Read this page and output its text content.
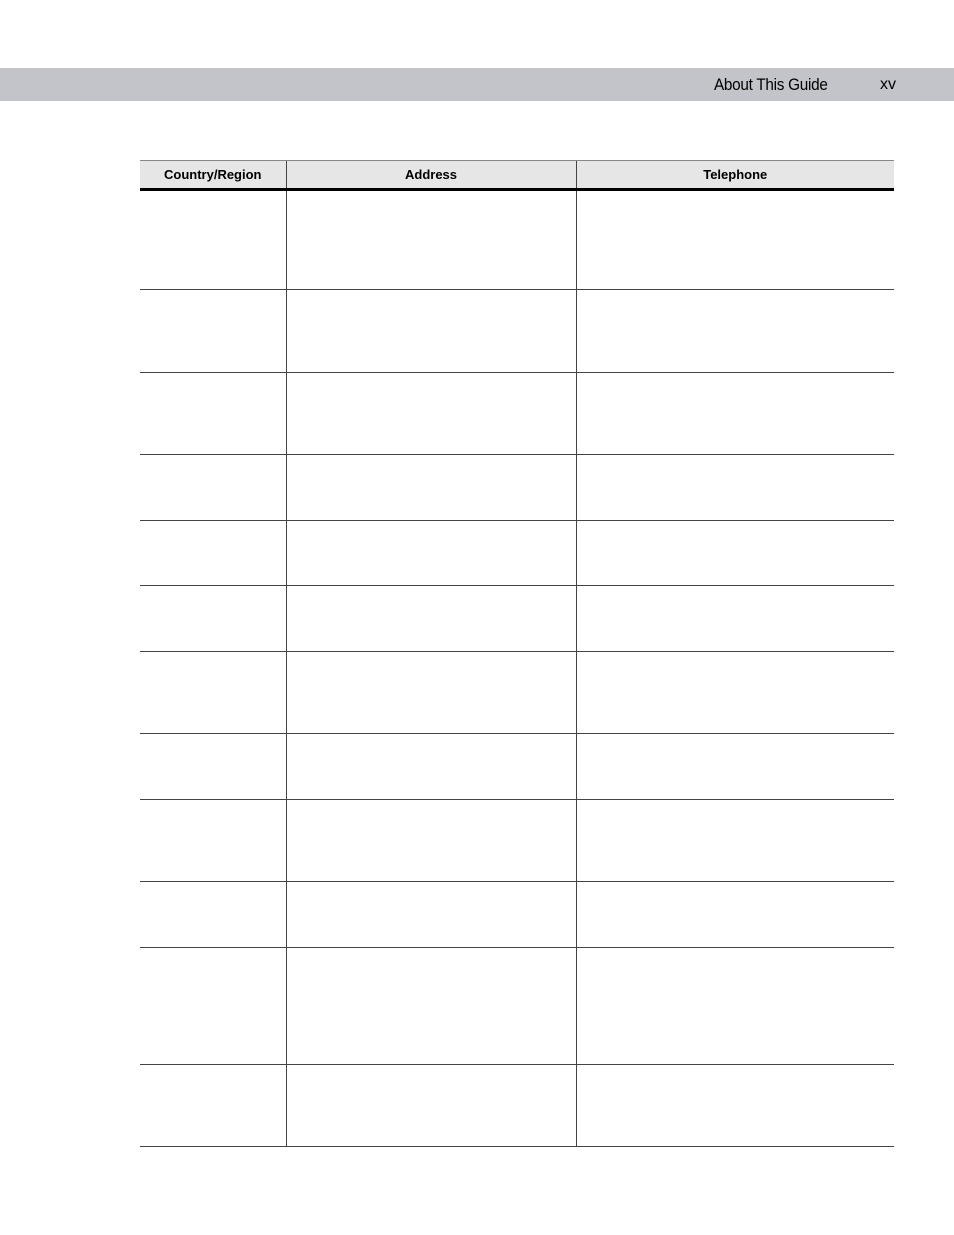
About This Guide	xv
Country/Region	Address	Telephone
